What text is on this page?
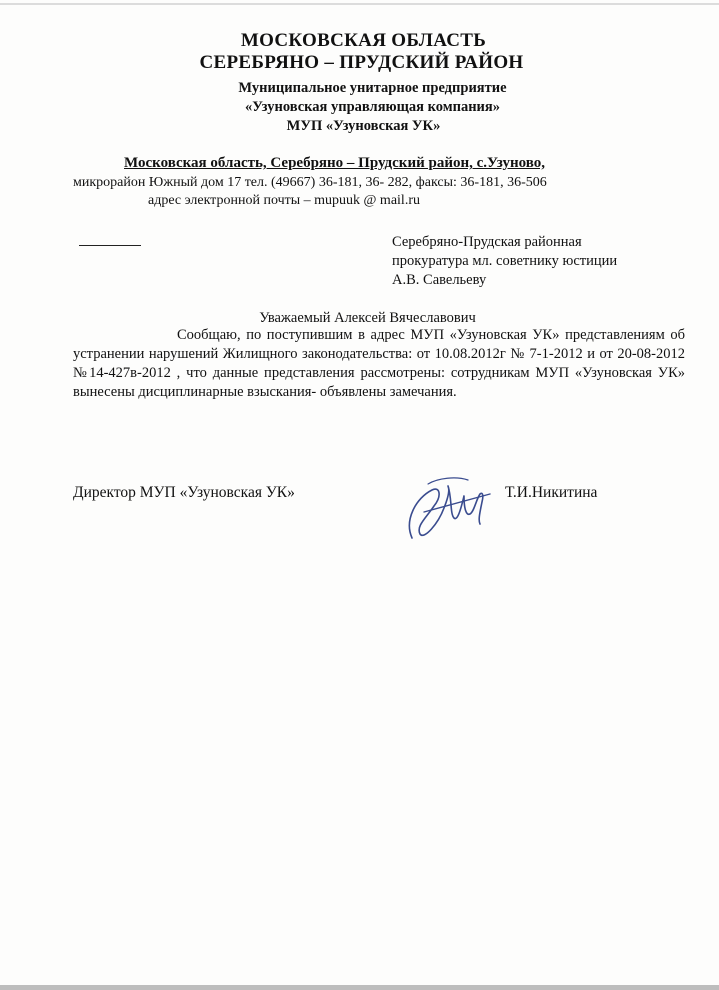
МОСКОВСКАЯ ОБЛАСТЬ
СЕРЕБРЯНО – ПРУДСКИЙ РАЙОН
Муниципальное унитарное предприятие
«Узуновская управляющая компания»
МУП «Узуновская УК»
Московская область, Серебряно – Прудский район, с.Узуново,
микрорайон Южный дом 17 тел. (49667) 36-181, 36- 282, факсы: 36-181, 36-506
адрес электронной почты – mupuuk @ mail.ru
Серебряно-Прудская районная
прокуратура мл. советнику юстиции
А.В. Савельеву
Уважаемый Алексей Вячеславович
Сообщаю, по поступившим в адрес МУП «Узуновская УК» представлениям об устранении нарушений Жилищного законодательства: от 10.08.2012г № 7-1-2012 и от 20-08-2012 №14-427в-2012 , что данные представления рассмотрены: сотрудникам МУП «Узуновская УК» вынесены дисциплинарные взыскания- объявлены замечания.
Директор МУП «Узуновская УК»	Т.И.Никитина
